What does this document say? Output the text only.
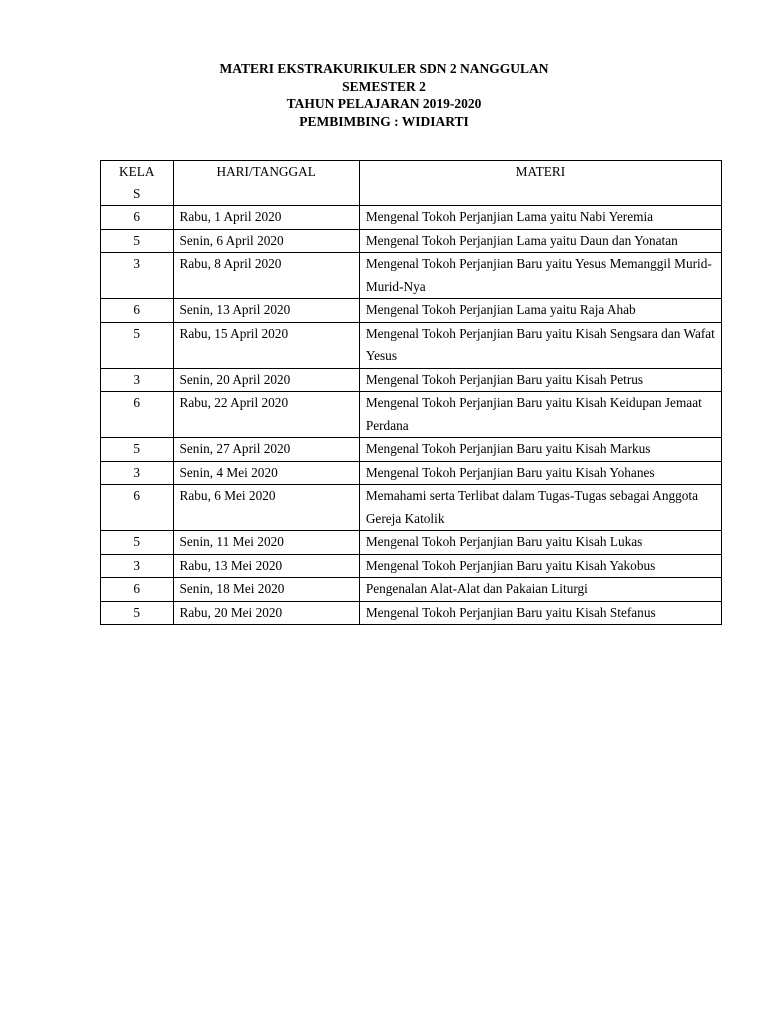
MATERI EKSTRAKURIKULER SDN 2 NANGGULAN
SEMESTER 2
TAHUN PELAJARAN 2019-2020
PEMBIMBING : WIDIARTI
KELA
S	HARI/TANGGAL	MATERI
6	Rabu, 1 April 2020	Mengenal Tokoh Perjanjian Lama yaitu Nabi Yeremia
5	Senin, 6 April 2020	Mengenal Tokoh Perjanjian Lama yaitu Daun dan Yonatan
3	Rabu, 8 April 2020	Mengenal Tokoh Perjanjian Baru yaitu Yesus Memanggil Murid-Murid-Nya
6	Senin, 13 April 2020	Mengenal Tokoh Perjanjian Lama yaitu Raja Ahab
5	Rabu, 15 April 2020	Mengenal Tokoh Perjanjian Baru yaitu Kisah Sengsara dan Wafat Yesus
3	Senin, 20 April 2020	Mengenal Tokoh Perjanjian Baru yaitu Kisah Petrus
6	Rabu, 22 April 2020	Mengenal Tokoh Perjanjian Baru yaitu Kisah Keidupan Jemaat Perdana
5	Senin, 27 April 2020	Mengenal Tokoh Perjanjian Baru yaitu Kisah Markus
3	Senin, 4 Mei 2020	Mengenal Tokoh Perjanjian Baru yaitu Kisah Yohanes
6	Rabu, 6 Mei 2020	Memahami serta Terlibat dalam Tugas-Tugas sebagai Anggota Gereja Katolik
5	Senin, 11 Mei 2020	Mengenal Tokoh Perjanjian Baru yaitu Kisah Lukas
3	Rabu, 13 Mei 2020	Mengenal Tokoh Perjanjian Baru yaitu Kisah Yakobus
6	Senin, 18 Mei 2020	Pengenalan Alat-Alat dan Pakaian Liturgi
5	Rabu, 20 Mei 2020	Mengenal Tokoh Perjanjian Baru yaitu Kisah Stefanus
